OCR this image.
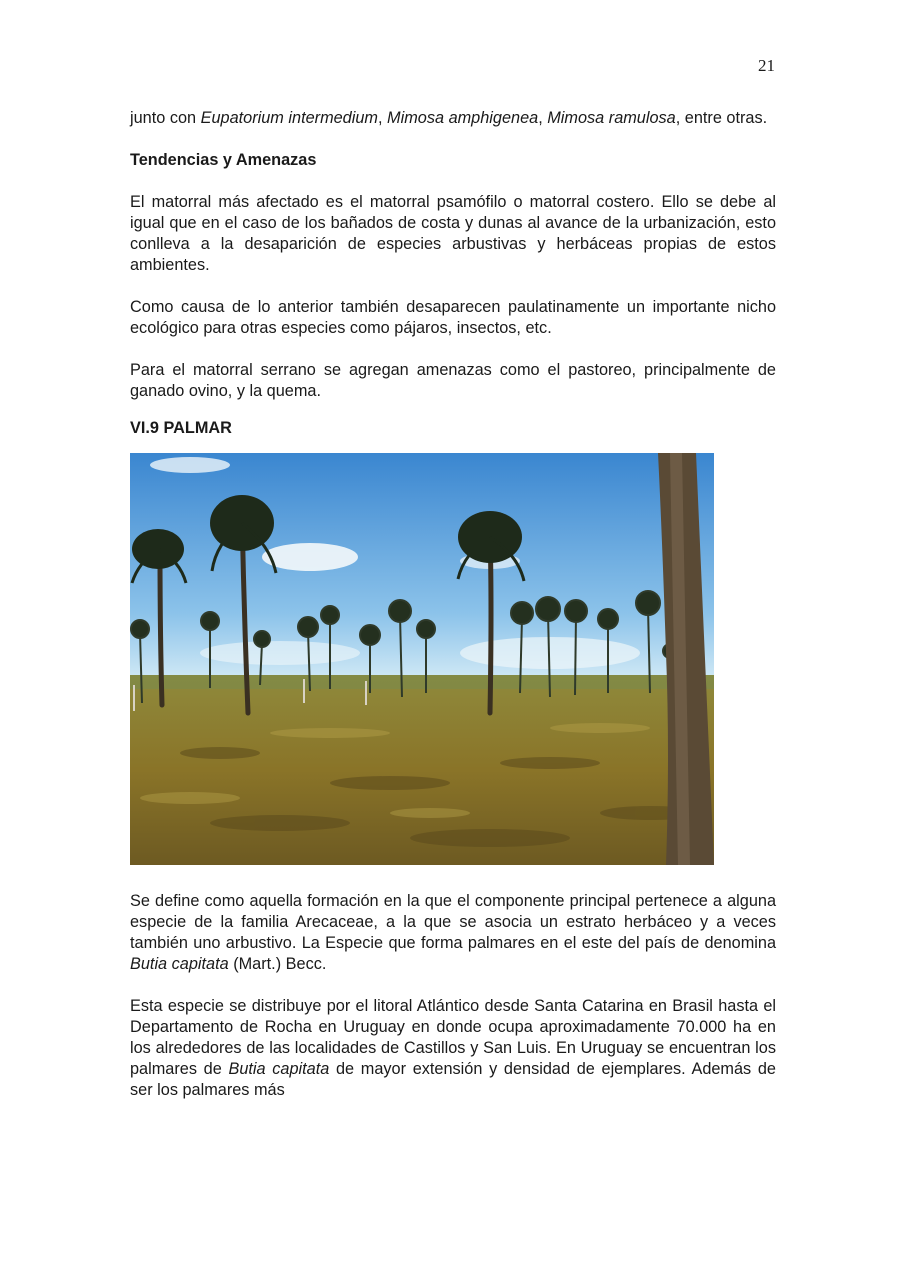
21

junto con Eupatorium intermedium, Mimosa amphigenea, Mimosa ramulosa, entre otras.

Tendencias y Amenazas

El matorral más afectado es el matorral psamófilo o matorral costero. Ello se debe al igual que en el caso de los bañados de costa y dunas al avance de la urbanización, esto conlleva a la desaparición de especies arbustivas y herbáceas propias de estos ambientes.

Como causa de lo anterior también desaparecen paulatinamente un importante nicho ecológico para otras especies como pájaros, insectos, etc.

Para el matorral serrano se agregan amenazas como el pastoreo, principalmente de ganado ovino, y la quema.

VI.9 PALMAR

Se define como aquella formación en la que el componente principal pertenece a alguna especie de la familia Arecaceae, a la que se asocia un estrato herbáceo y a veces también uno arbustivo. La Especie que forma palmares en el este del país de denomina Butia capitata (Mart.) Becc.

Esta especie se distribuye por el litoral Atlántico desde Santa Catarina en Brasil hasta el Departamento de Rocha en Uruguay en donde ocupa aproximadamente 70.000 ha en los alrededores de las localidades de Castillos y San Luis. En Uruguay se encuentran los palmares de Butia capitata de mayor extensión y densidad de ejemplares. Además de ser los palmares más
